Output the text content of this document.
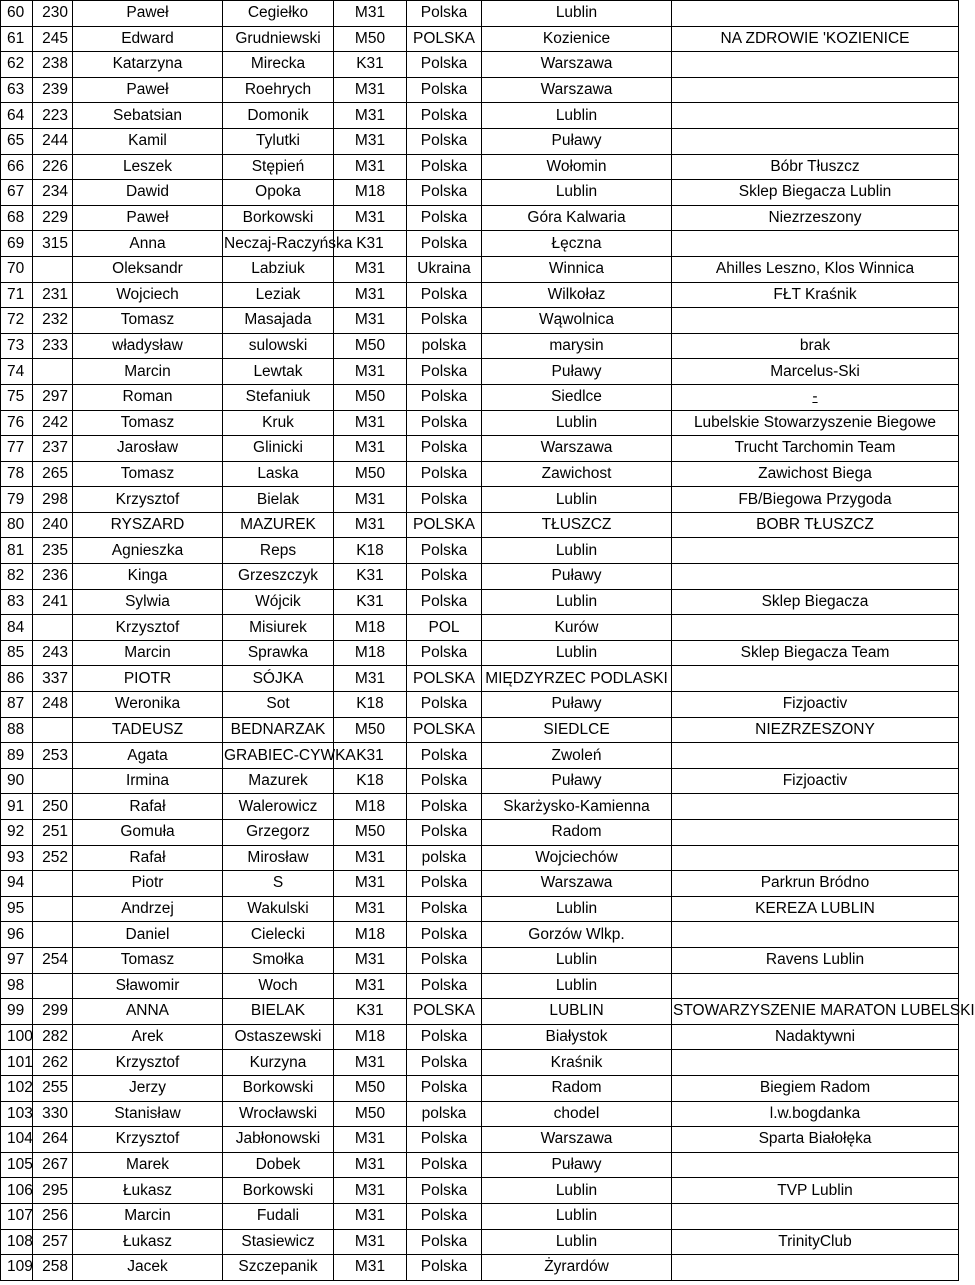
60	230	Paweł	Cegiełko	M31	Polska	Lublin	
61	245	Edward	Grudniewski	M50	POLSKA	Kozienice	NA ZDROWIE 'KOZIENICE
62	238	Katarzyna	Mirecka	K31	Polska	Warszawa	
63	239	Paweł	Roehrych	M31	Polska	Warszawa	
64	223	Sebatsian	Domonik	M31	Polska	Lublin	
65	244	Kamil	Tylutki	M31	Polska	Puławy	
66	226	Leszek	Stępień	M31	Polska	Wołomin	Bóbr Tłuszcz
67	234	Dawid	Opoka	M18	Polska	Lublin	Sklep Biegacza Lublin
68	229	Paweł	Borkowski	M31	Polska	Góra Kalwaria	Niezrzeszony
69	315	Anna	Neczaj-Raczyńska	K31	Polska	Łęczna	
70		Oleksandr	Labziuk	M31	Ukraina	Winnica	Ahilles Leszno, Klos Winnica
71	231	Wojciech	Leziak	M31	Polska	Wilkołaz	FŁT Kraśnik
72	232	Tomasz	Masajada	M31	Polska	Wąwolnica	
73	233	władysław	sulowski	M50	polska	marysin	brak
74		Marcin	Lewtak	M31	Polska	Puławy	Marcelus-Ski
75	297	Roman	Stefaniuk	M50	Polska	Siedlce	-
76	242	Tomasz	Kruk	M31	Polska	Lublin	Lubelskie Stowarzyszenie Biegowe
77	237	Jarosław	Glinicki	M31	Polska	Warszawa	Trucht Tarchomin Team
78	265	Tomasz	Laska	M50	Polska	Zawichost	Zawichost Biega
79	298	Krzysztof	Bielak	M31	Polska	Lublin	FB/Biegowa Przygoda
80	240	RYSZARD	MAZUREK	M31	POLSKA	TŁUSZCZ	BOBR TŁUSZCZ
81	235	Agnieszka	Reps	K18	Polska	Lublin	
82	236	Kinga	Grzeszczyk	K31	Polska	Puławy	
83	241	Sylwia	Wójcik	K31	Polska	Lublin	Sklep Biegacza
84		Krzysztof	Misiurek	M18	POL	Kurów	
85	243	Marcin	Sprawka	M18	Polska	Lublin	Sklep Biegacza Team
86	337	PIOTR	SÓJKA	M31	POLSKA	MIĘDZYRZEC PODLASKI	
87	248	Weronika	Sot	K18	Polska	Puławy	Fizjoactiv
88		TADEUSZ	BEDNARZAK	M50	POLSKA	SIEDLCE	NIEZRZESZONY
89	253	Agata	GRABIEC-CYWKA	K31	Polska	Zwoleń	
90		Irmina	Mazurek	K18	Polska	Puławy	Fizjoactiv
91	250	Rafał	Walerowicz	M18	Polska	Skarżysko-Kamienna	
92	251	Gomuła	Grzegorz	M50	Polska	Radom	
93	252	Rafał	Mirosław	M31	polska	Wojciechów	
94		Piotr	S	M31	Polska	Warszawa	Parkrun Bródno
95		Andrzej	Wakulski	M31	Polska	Lublin	KEREZA LUBLIN
96		Daniel	Cielecki	M18	Polska	Gorzów Wlkp.	
97	254	Tomasz	Smołka	M31	Polska	Lublin	Ravens Lublin
98		Sławomir	Woch	M31	Polska	Lublin	
99	299	ANNA	BIELAK	K31	POLSKA	LUBLIN	STOWARZYSZENIE MARATON LUBELSKI
100	282	Arek	Ostaszewski	M18	Polska	Białystok	Nadaktywni
101	262	Krzysztof	Kurzyna	M31	Polska	Kraśnik	
102	255	Jerzy	Borkowski	M50	Polska	Radom	Biegiem Radom
103	330	Stanisław	Wrocławski	M50	polska	chodel	l.w.bogdanka
104	264	Krzysztof	Jabłonowski	M31	Polska	Warszawa	Sparta Białołęka
105	267	Marek	Dobek	M31	Polska	Puławy	
106	295	Łukasz	Borkowski	M31	Polska	Lublin	TVP Lublin
107	256	Marcin	Fudali	M31	Polska	Lublin	
108	257	Łukasz	Stasiewicz	M31	Polska	Lublin	TrinityClub
109	258	Jacek	Szczepanik	M31	Polska	Żyrardów	
